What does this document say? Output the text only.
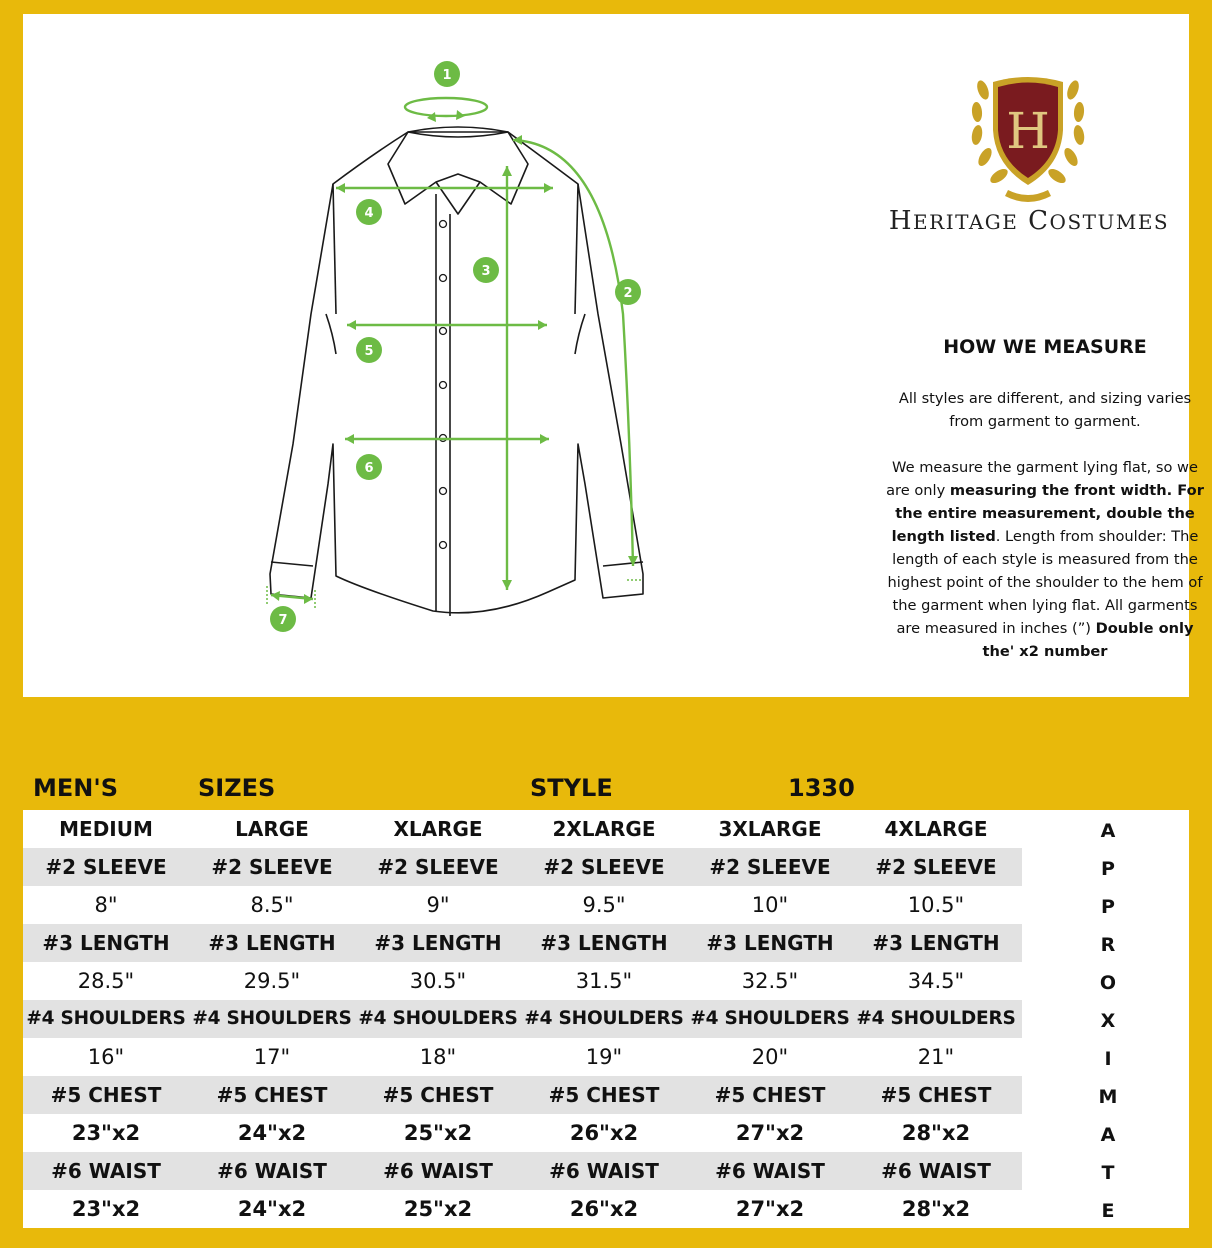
1
2
3
4
5
6
7
H
HERITAGE COSTUMES
HOW WE MEASURE

All styles are different, and sizing varies from garment to garment.

We measure the garment lying flat, so we are only measuring the front width. For the entire measurement, double the length listed. Length from shoulder: The length of each style is measured from the highest point of the shoulder to the hem of the garment when lying flat. All garments are measured in inches (”) Double only the' x2 number

MEN'S	SIZES	STYLE	1330
MEDIUM	LARGE	XLARGE	2XLARGE	3XLARGE	4XLARGE
#2 SLEEVE	#2 SLEEVE	#2 SLEEVE	#2 SLEEVE	#2 SLEEVE	#2 SLEEVE
8"	8.5"	9"	9.5"	10"	10.5"
#3 LENGTH	#3 LENGTH	#3 LENGTH	#3 LENGTH	#3 LENGTH	#3 LENGTH
28.5"	29.5"	30.5"	31.5"	32.5"	34.5"
#4 SHOULDERS #4 SHOULDERS #4 SHOULDERS #4 SHOULDERS #4 SHOULDERS #4 SHOULDERS
16"	17"	18"	19"	20"	21"
#5 CHEST	#5 CHEST	#5 CHEST	#5 CHEST	#5 CHEST	#5 CHEST
23"x2	24"x2	25"x2	26"x2	27"x2	28"x2
#6 WAIST	#6 WAIST	#6 WAIST	#6 WAIST	#6 WAIST	#6 WAIST
23"x2	24"x2	25"x2	26"x2	27"x2	28"x2
A
P
P
R
O
X
I
M
A
T
E
